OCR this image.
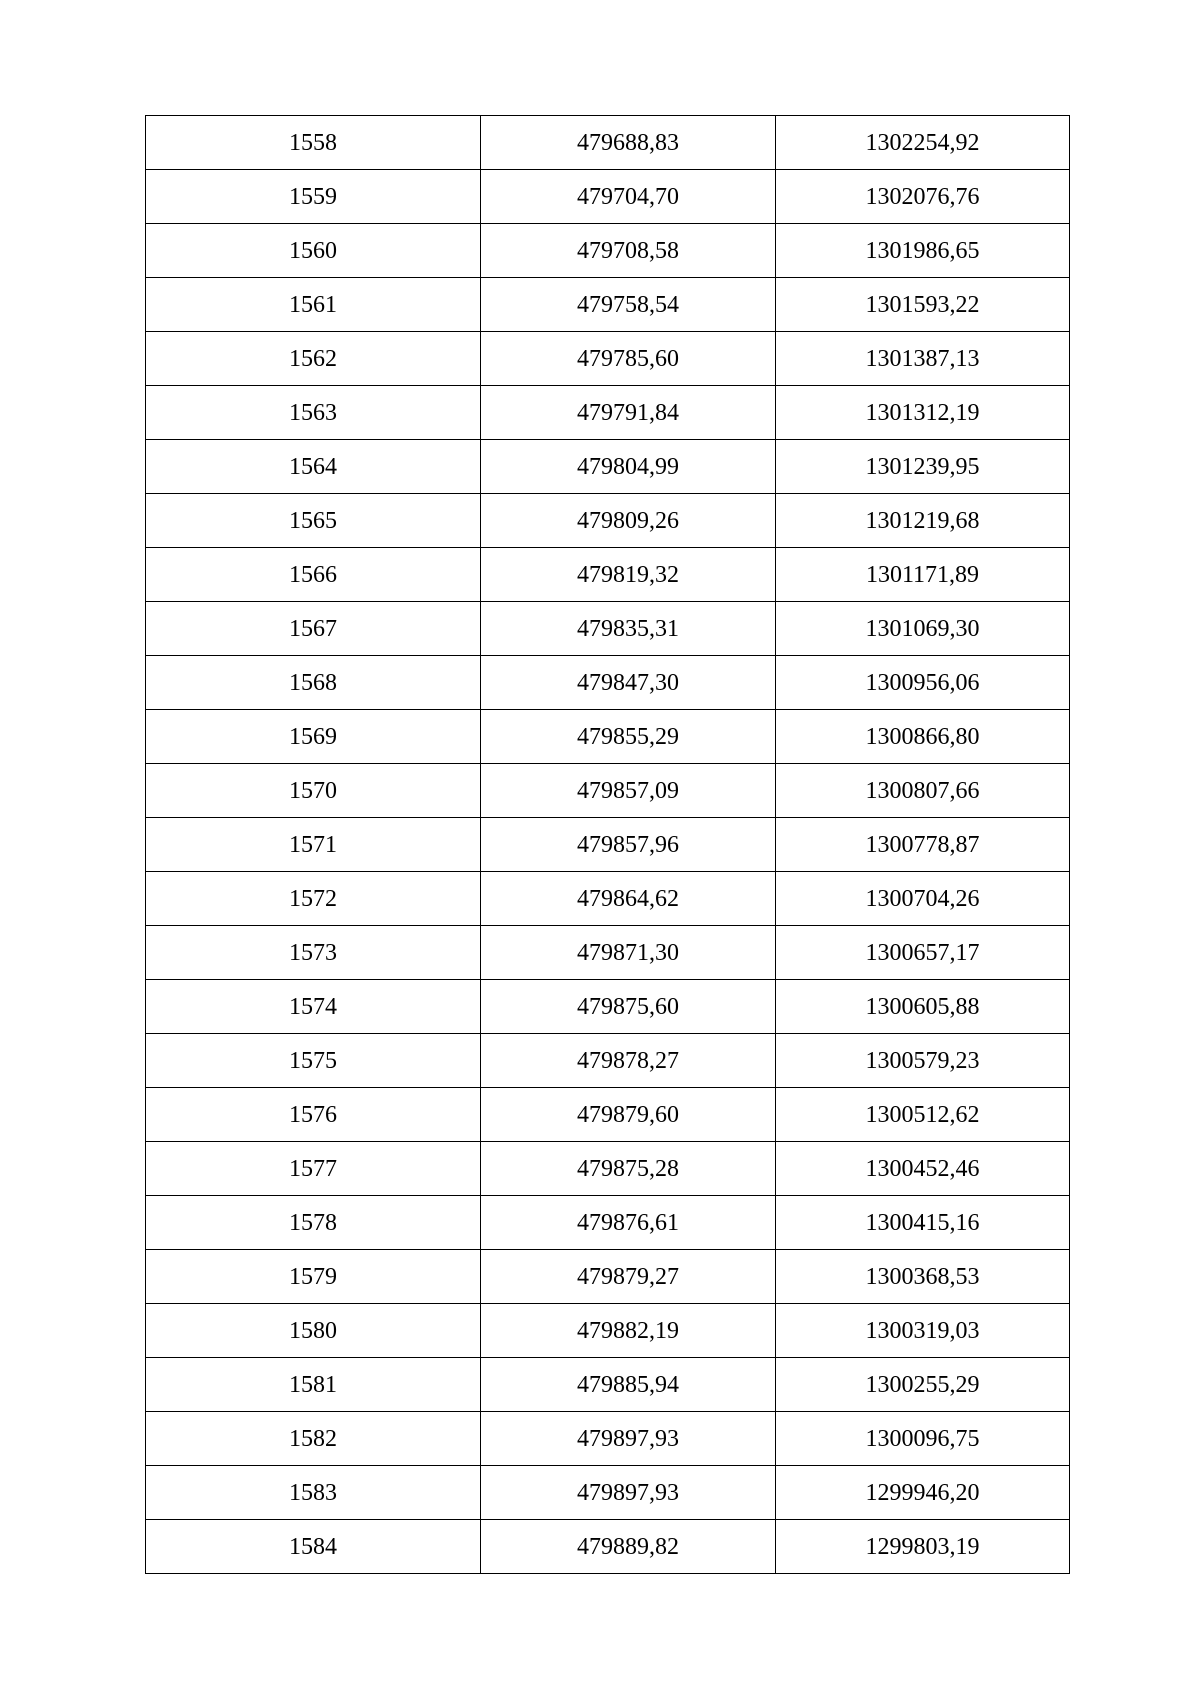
1558	479688,83	1302254,92
1559	479704,70	1302076,76
1560	479708,58	1301986,65
1561	479758,54	1301593,22
1562	479785,60	1301387,13
1563	479791,84	1301312,19
1564	479804,99	1301239,95
1565	479809,26	1301219,68
1566	479819,32	1301171,89
1567	479835,31	1301069,30
1568	479847,30	1300956,06
1569	479855,29	1300866,80
1570	479857,09	1300807,66
1571	479857,96	1300778,87
1572	479864,62	1300704,26
1573	479871,30	1300657,17
1574	479875,60	1300605,88
1575	479878,27	1300579,23
1576	479879,60	1300512,62
1577	479875,28	1300452,46
1578	479876,61	1300415,16
1579	479879,27	1300368,53
1580	479882,19	1300319,03
1581	479885,94	1300255,29
1582	479897,93	1300096,75
1583	479897,93	1299946,20
1584	479889,82	1299803,19
